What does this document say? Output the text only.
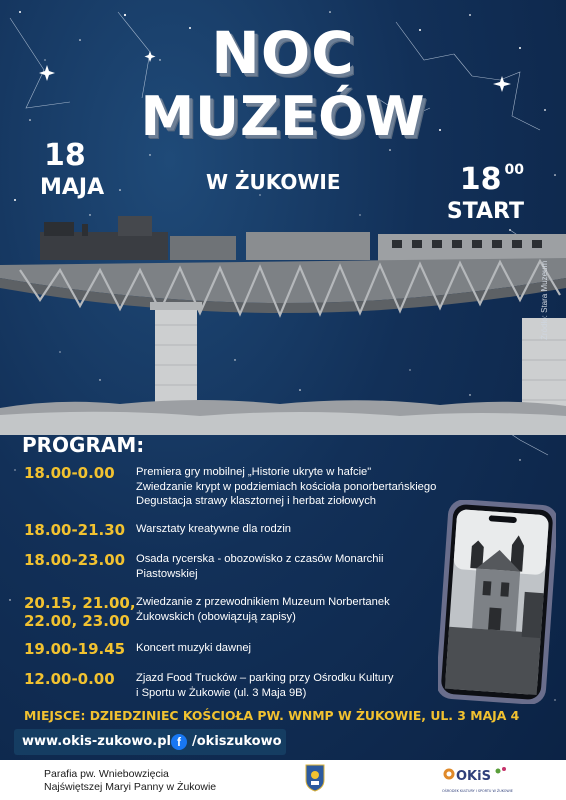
NOC
MUZEÓW
18
MAJA	W ŻUKOWIE	18 00
START
Źródło: Stara Muzeum
PROGRAM:
18.00-0.00 Premiera gry mobilnej „Historie ukryte w hafcie"
Zwiedzanie krypt w podziemiach kościoła ponorbertańskiego
Degustacja strawy klasztornej i herbat ziołowych
18.00-21.30 Warsztaty kreatywne dla rodzin
18.00-23.00 Osada rycerska - obozowisko z czasów Monarchii
Piastowskiej
20.15, 21.00,
22.00, 23.00
Zwiedzanie z przewodnikiem Muzeum Norbertanek
Żukowskich (obowiązują zapisy)
19.00-19.45 Koncert muzyki dawnej
12.00-0.00 Zjazd Food Trucków – parking przy Ośrodku Kultury
i Sportu w Żukowie (ul. 3 Maja 9B)
MIEJSCE: DZIEDZINIEC KOŚCIOŁA PW. WNMP W ŻUKOWIE, UL. 3 MAJA 4
www.okis-zukowo.pl f /okiszukowo
Parafia pw. Wniebowzięcia
Najświętszej Maryi Panny w Żukowie
OKiS
OŚRODEK KULTURY I SPORTU W ŻUKOWIE
